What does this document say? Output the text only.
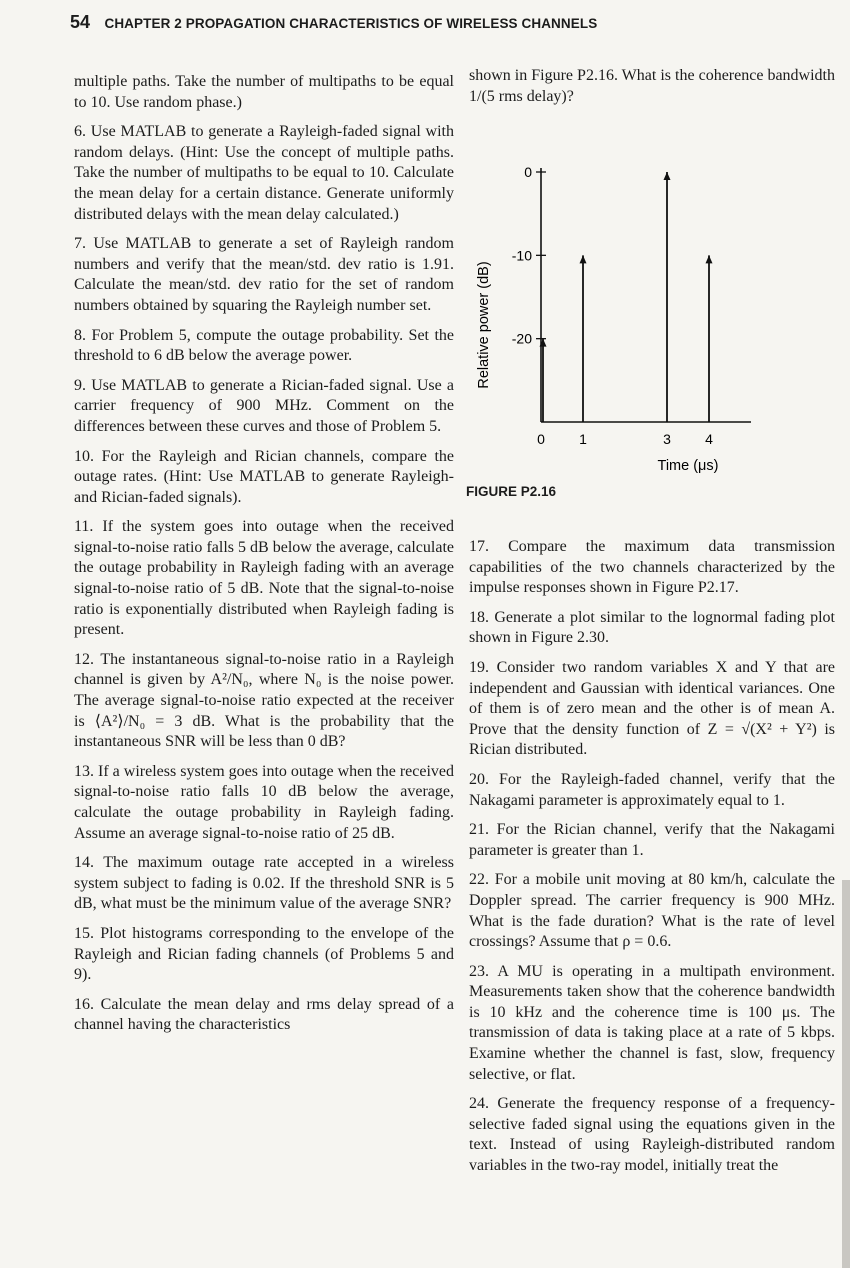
54 CHAPTER 2 PROPAGATION CHARACTERISTICS OF WIRELESS CHANNELS

multiple paths. Take the number of multipaths to be equal to 10. Use random phase.)

6. Use MATLAB to generate a Rayleigh-faded signal with random delays. (Hint: Use the concept of multiple paths. Take the number of multipaths to be equal to 10. Calculate the mean delay for a certain distance. Generate uniformly distributed delays with the mean delay calculated.)

7. Use MATLAB to generate a set of Rayleigh random numbers and verify that the mean/std. dev ratio is 1.91. Calculate the mean/std. dev ratio for the set of random numbers obtained by squaring the Rayleigh number set.

8. For Problem 5, compute the outage probability. Set the threshold to 6 dB below the average power.

9. Use MATLAB to generate a Rician-faded signal. Use a carrier frequency of 900 MHz. Comment on the differences between these curves and those of Problem 5.

10. For the Rayleigh and Rician channels, compare the outage rates. (Hint: Use MATLAB to generate Rayleigh- and Rician-faded signals).

11. If the system goes into outage when the received signal-to-noise ratio falls 5 dB below the average, calculate the outage probability in Rayleigh fading with an average signal-to-noise ratio of 5 dB. Note that the signal-to-noise ratio is exponentially distributed when Rayleigh fading is present.

12. The instantaneous signal-to-noise ratio in a Rayleigh channel is given by A²/N₀, where N₀ is the noise power. The average signal-to-noise ratio expected at the receiver is ⟨A²⟩/N₀ = 3 dB. What is the probability that the instantaneous SNR will be less than 0 dB?

13. If a wireless system goes into outage when the received signal-to-noise ratio falls 10 dB below the average, calculate the outage probability in Rayleigh fading. Assume an average signal-to-noise ratio of 25 dB.

14. The maximum outage rate accepted in a wireless system subject to fading is 0.02. If the threshold SNR is 5 dB, what must be the minimum value of the average SNR?

15. Plot histograms corresponding to the envelope of the Rayleigh and Rician fading channels (of Problems 5 and 9).

16. Calculate the mean delay and rms delay spread of a channel having the characteristics

shown in Figure P2.16. What is the coherence bandwidth 1/(5 rms delay)?

Relative power (dB)
Time (μs)
0
-10
-20
0 1	3 4
FIGURE P2.16

17. Compare the maximum data transmission capabilities of the two channels characterized by the impulse responses shown in Figure P2.17.

18. Generate a plot similar to the lognormal fading plot shown in Figure 2.30.

19. Consider two random variables X and Y that are independent and Gaussian with identical variances. One of them is of zero mean and the other is of mean A. Prove that the density function of Z = √(X² + Y²) is Rician distributed.

20. For the Rayleigh-faded channel, verify that the Nakagami parameter is approximately equal to 1.

21. For the Rician channel, verify that the Nakagami parameter is greater than 1.

22. For a mobile unit moving at 80 km/h, calculate the Doppler spread. The carrier frequency is 900 MHz. What is the fade duration? What is the rate of level crossings? Assume that ρ = 0.6.

23. A MU is operating in a multipath environment. Measurements taken show that the coherence bandwidth is 10 kHz and the coherence time is 100 μs. The transmission of data is taking place at a rate of 5 kbps. Examine whether the channel is fast, slow, frequency selective, or flat.

24. Generate the frequency response of a frequency-selective faded signal using the equations given in the text. Instead of using Rayleigh-distributed random variables in the two-ray model, initially treat the
